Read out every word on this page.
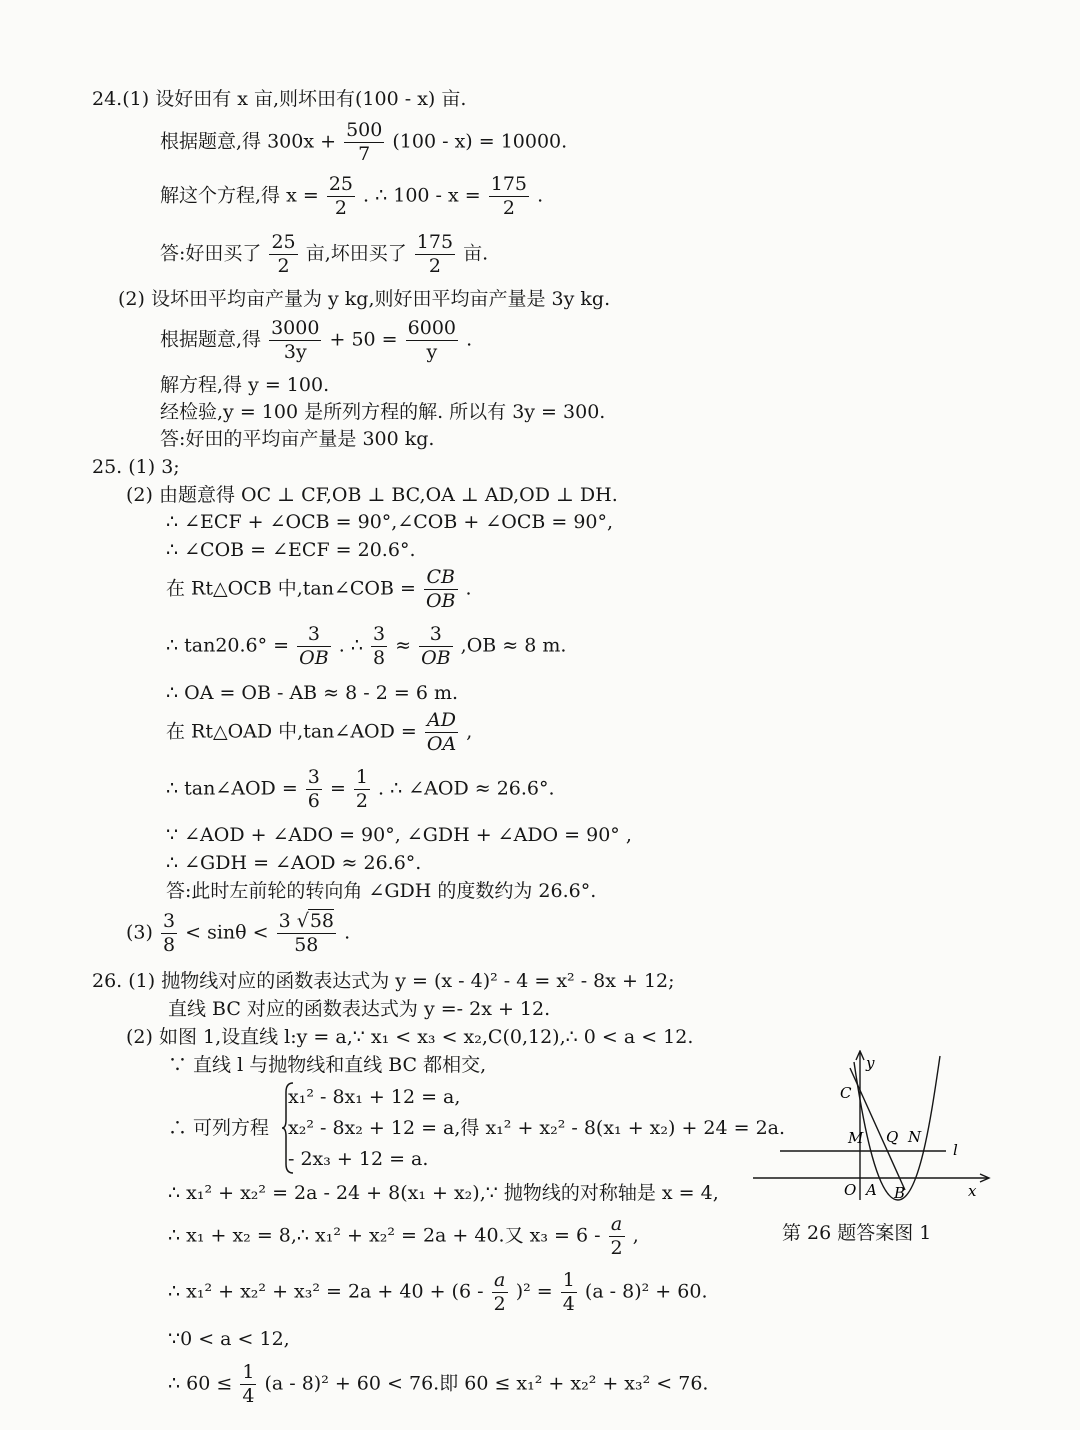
24.(1) 设好田有 x 亩,则坏田有(100 - x) 亩.
根据题意,得 $300x + \frac{500}{7} (100 - x) = 10000$.
解这个方程,得 $x = \frac{25}{2}$ . ∴ $100 - x = \frac{175}{2}$ .
答:好田买了 $\frac{25}{2}$ 亩,坏田买了 $\frac{175}{2}$ 亩.
(2) 设坏田平均亩产量为 y kg,则好田平均亩产量是 3y kg.
根据题意,得 $\frac{3000}{3y} + 50 = \frac{6000}{y}$ .
解方程,得 y = 100.
经检验,y = 100 是所列方程的解. 所以有 3y = 300.
答:好田的平均亩产量是 300 kg.
25. (1) 3;
(2) 由题意得 OC ⊥ CF,OB ⊥ BC,OA ⊥ AD,OD ⊥ DH.
∴ ∠ECF + ∠OCB = 90°,∠COB + ∠OCB = 90°,
∴ ∠COB = ∠ECF = 20.6°.
在 Rt△OCB 中,tan∠COB = $\frac{CB}{OB}$ .
∴ $\tan 20.6^\circ = \frac{3}{OB}$ . ∴ $\frac{3}{8} \approx \frac{3}{OB} ,OB \approx 8$ m.
∴ OA = OB - AB ≈ 8 - 2 = 6 m.
在 Rt△OAD 中,tan∠AOD = $\frac{AD}{OA}$ ,
∴ tan∠AOD = $\frac{3}{6} = \frac{1}{2}$ . ∴ ∠AOD ≈ 26.6°.
∵ ∠AOD + ∠ADO = 90°, ∠GDH + ∠ADO = 90° ,
∴ ∠GDH = ∠AOD ≈ 26.6°.
答:此时左前轮的转向角 ∠GDH 的度数约为 26.6°.
$(3) \frac{3}{8} < \sin\theta < \frac{3 √58}{58}$ .
26. (1) 抛物线对应的函数表达式为 y = (x - 4)² - 4 = x² - 8x + 12;
直线 BC 对应的函数表达式为 y =- 2x + 12.
(2) 如图 1,设直线 l:y = a,∵ x₁ < x₃ < x₂,C(0,12),∴ 0 < a < 12.
∵ 直线 l 与抛物线和直线 BC 都相交,
∴ 可列方程
x₁² - 8x₁ + 12 = a,
x₂² - 8x₂ + 12 = a,得 x₁² + x₂² - 8(x₁ + x₂) + 24 = 2a.
- 2x₃ + 12 = a.
∴ x₁² + x₂² = 2a - 24 + 8(x₁ + x₂),∵ 抛物线的对称轴是 x = 4,
∴ x₁ + x₂ = 8,∴ x₁² + x₂² = 2a + 40.又 $x_3 = 6 - \frac{a}{2}$ ,
∴ $x_1^2 + x_2^2 + x_3^2 = 2a + 40 + (6 - \frac{a}{2} )^2 = \frac{1}{4} (a - 8)^2 + 60$.
∵0 < a < 12,
∴ $60 \le \frac{1}{4} (a - 8)^2 + 60 < 76$.即 60 ≤ x₁² + x₂² + x₃² < 76.
y
x
O A B
C
M Q N
l
第 26 题答案图 1
